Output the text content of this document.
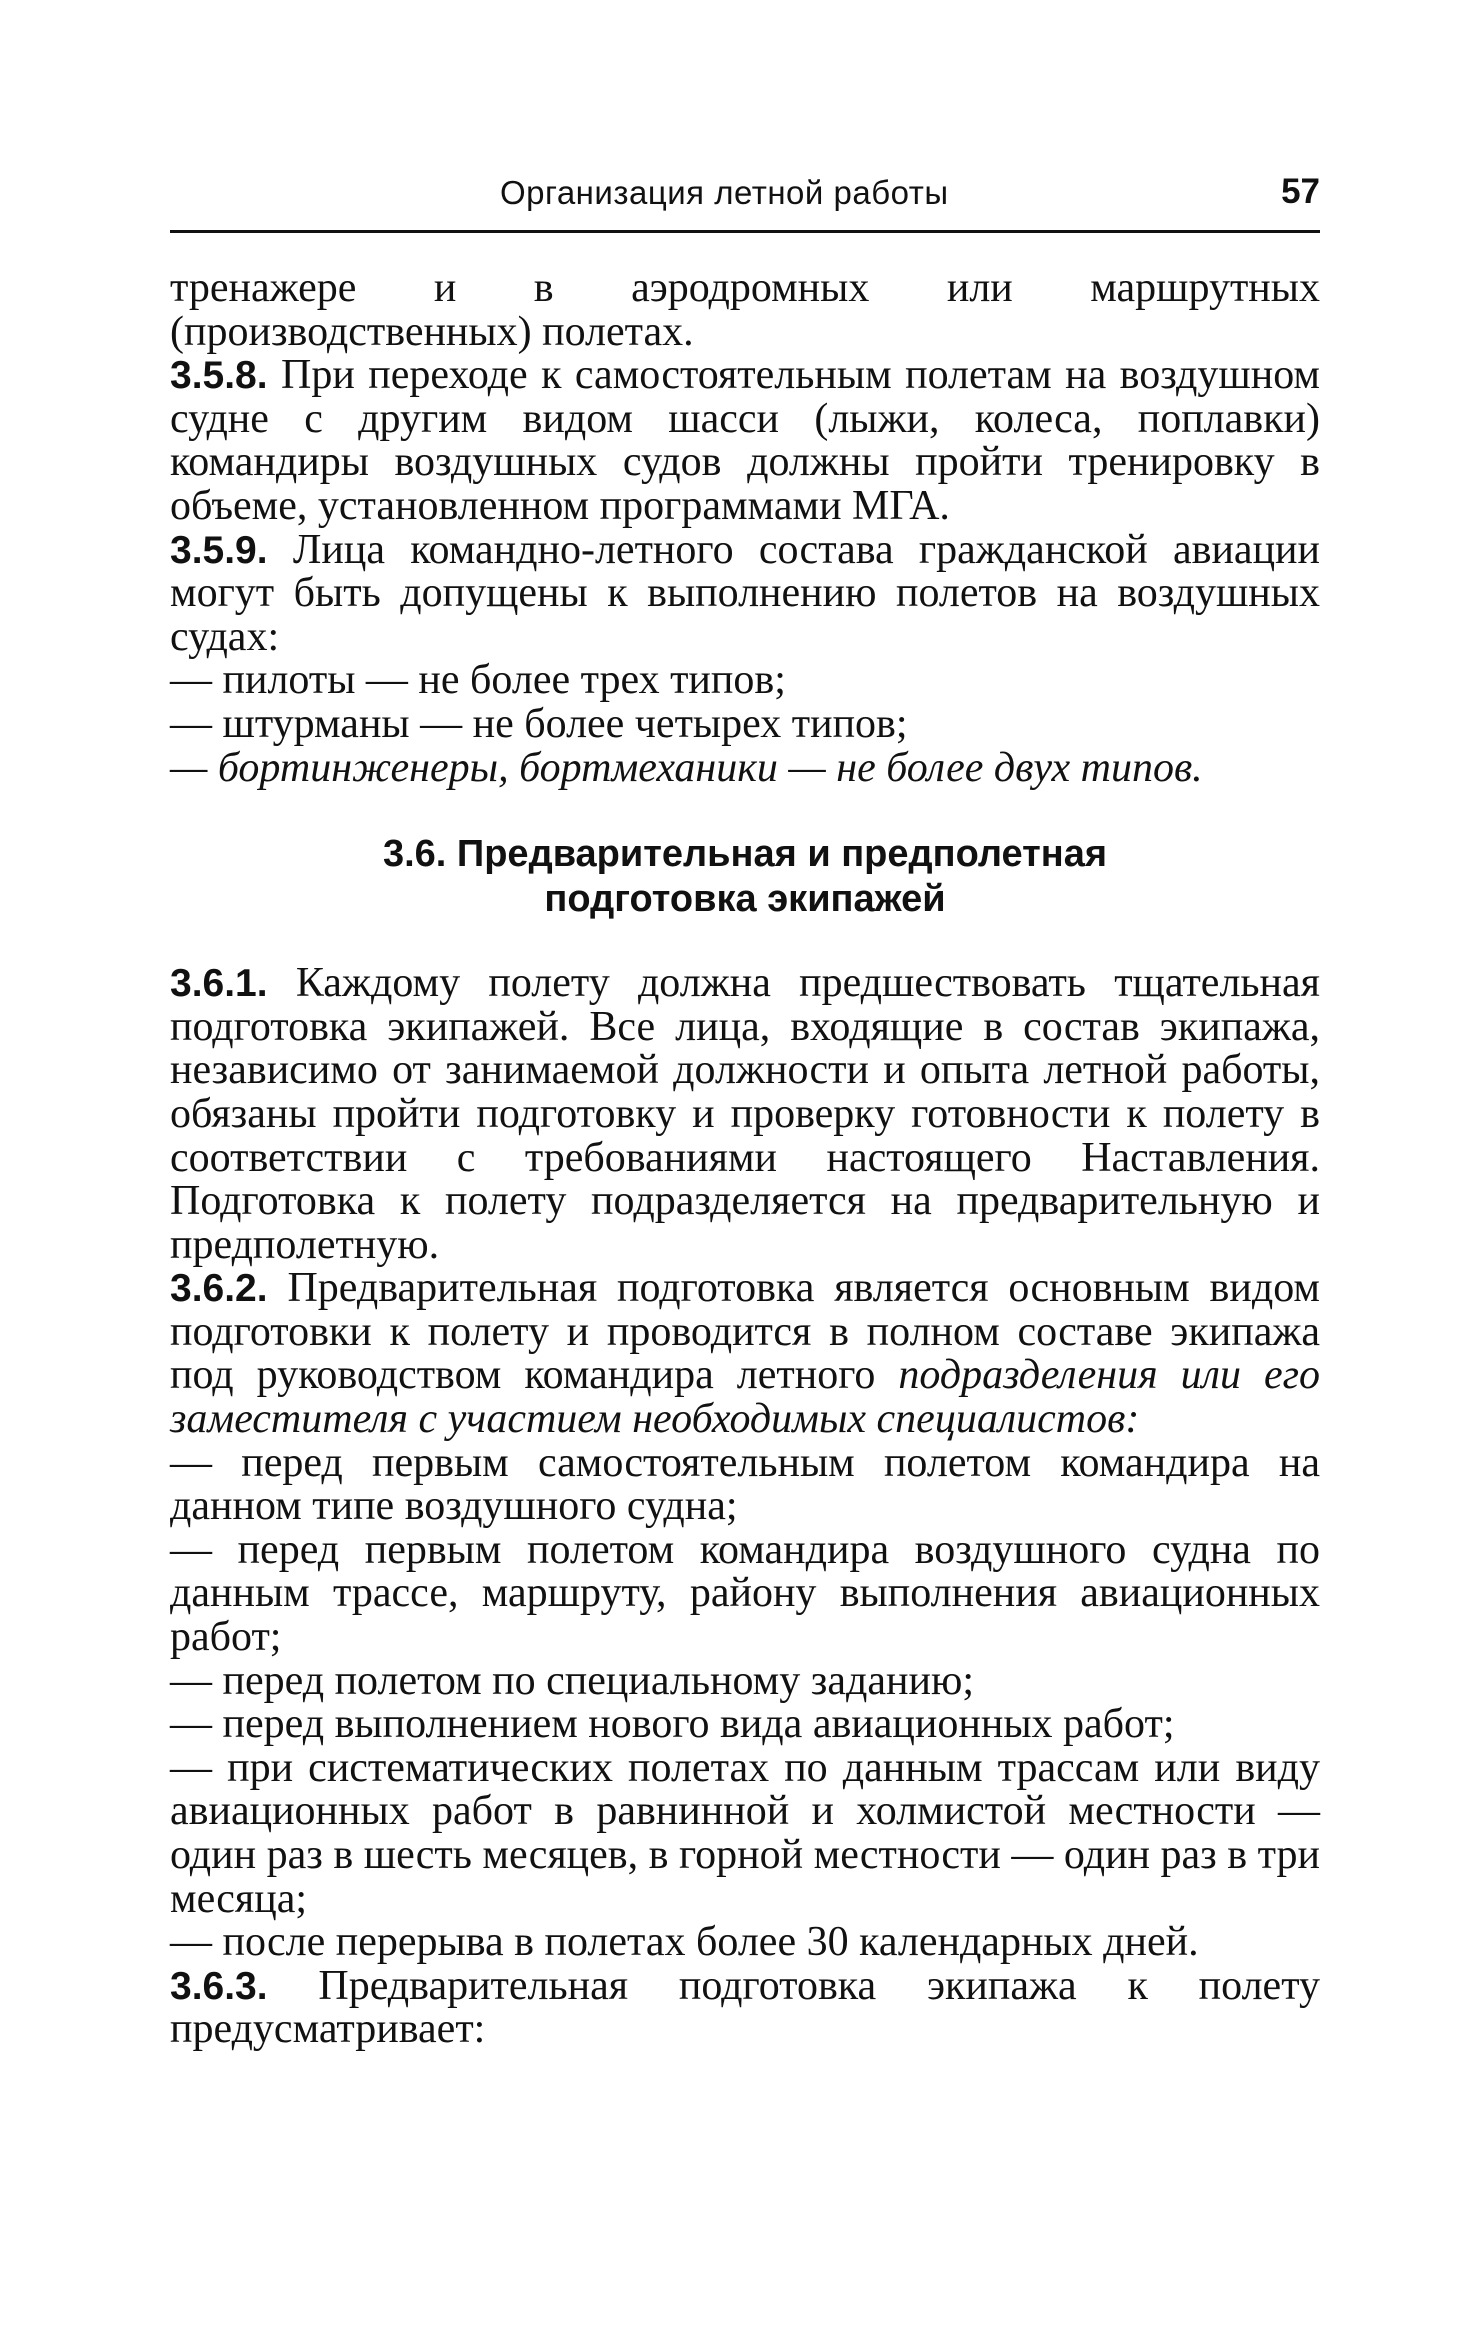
Организация летной работы	57

тренажере и в аэродромных или маршрутных (производственных) полетах.

3.5.8. При переходе к самостоятельным полетам на воздушном судне с другим видом шасси (лыжи, колеса, поплавки) командиры воздушных судов должны пройти тренировку в объеме, установленном программами МГА.

3.5.9. Лица командно-летного состава гражданской авиации могут быть допущены к выполнению полетов на воздушных судах:

— пилоты — не более трех типов;

— штурманы — не более четырех типов;

— бортинженеры, бортмеханики — не более двух типов.

3.6. Предварительная и предполетная
подготовка экипажей

3.6.1. Каждому полету должна предшествовать тщательная подготовка экипажей. Все лица, входящие в состав экипажа, независимо от занимаемой должности и опыта летной работы, обязаны пройти подготовку и проверку готовности к полету в соответствии с требованиями настоящего Наставления. Подготовка к полету подразделяется на предварительную и предполетную.

3.6.2. Предварительная подготовка является основным видом подготовки к полету и проводится в полном составе экипажа под руководством командира летного подразделения или его заместителя с участием необходимых специалистов:

— перед первым самостоятельным полетом командира на данном типе воздушного судна;

— перед первым полетом командира воздушного судна по данным трассе, маршруту, району выполнения авиационных работ;

— перед полетом по специальному заданию;

— перед выполнением нового вида авиационных работ;

— при систематических полетах по данным трассам или виду авиационных работ в равнинной и холмистой местности — один раз в шесть месяцев, в горной местности — один раз в три месяца;

— после перерыва в полетах более 30 календарных дней.

3.6.3. Предварительная подготовка экипажа к полету предусматривает:
